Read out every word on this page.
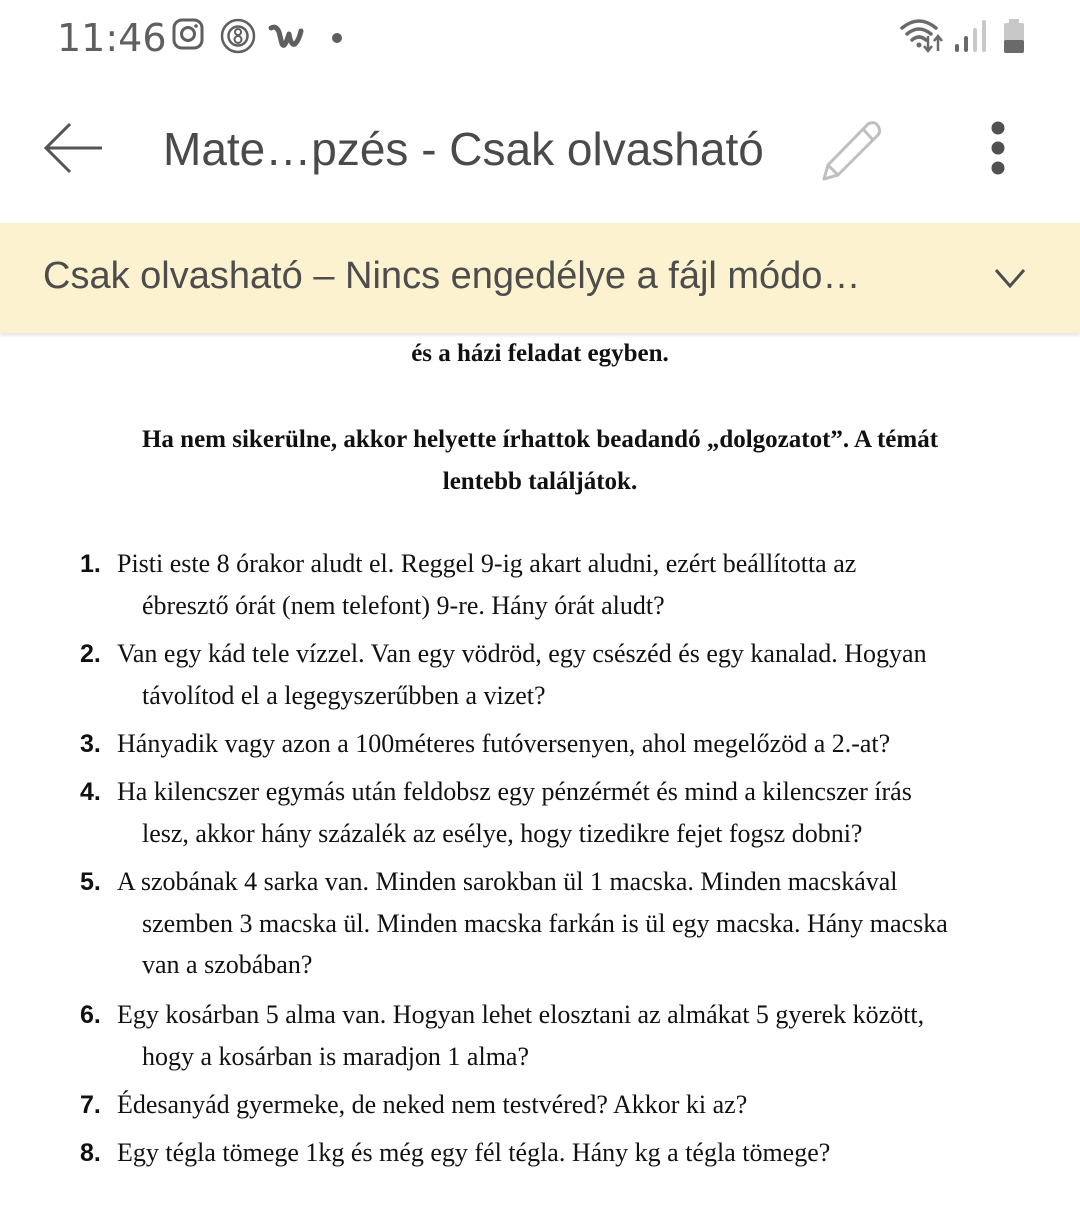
11:46
Mate…pzés - Csak olvasható
Csak olvasható – Nincs engedélye a fájl módo…
és a házi feladat egyben.
Ha nem sikerülne, akkor helyette írhattok beadandó „dolgozatot”. A témát
lentebb találjátok.
1. Pisti este 8 órakor aludt el. Reggel 9-ig akart aludni, ezért beállította az
ébresztő órát (nem telefont) 9-re. Hány órát aludt?
2. Van egy kád tele vízzel. Van egy vödröd, egy csészéd és egy kanalad. Hogyan
távolítod el a legegyszerűbben a vizet?
3. Hányadik vagy azon a 100méteres futóversenyen, ahol megelőzöd a 2.-at?
4. Ha kilencszer egymás után feldobsz egy pénzérmét és mind a kilencszer írás
lesz, akkor hány százalék az esélye, hogy tizedikre fejet fogsz dobni?
5. A szobának 4 sarka van. Minden sarokban ül 1 macska. Minden macskával
szemben 3 macska ül. Minden macska farkán is ül egy macska. Hány macska
van a szobában?
6. Egy kosárban 5 alma van. Hogyan lehet elosztani az almákat 5 gyerek között,
hogy a kosárban is maradjon 1 alma?
7. Édesanyád gyermeke, de neked nem testvéred? Akkor ki az?
8. Egy tégla tömege 1kg és még egy fél tégla. Hány kg a tégla tömege?
